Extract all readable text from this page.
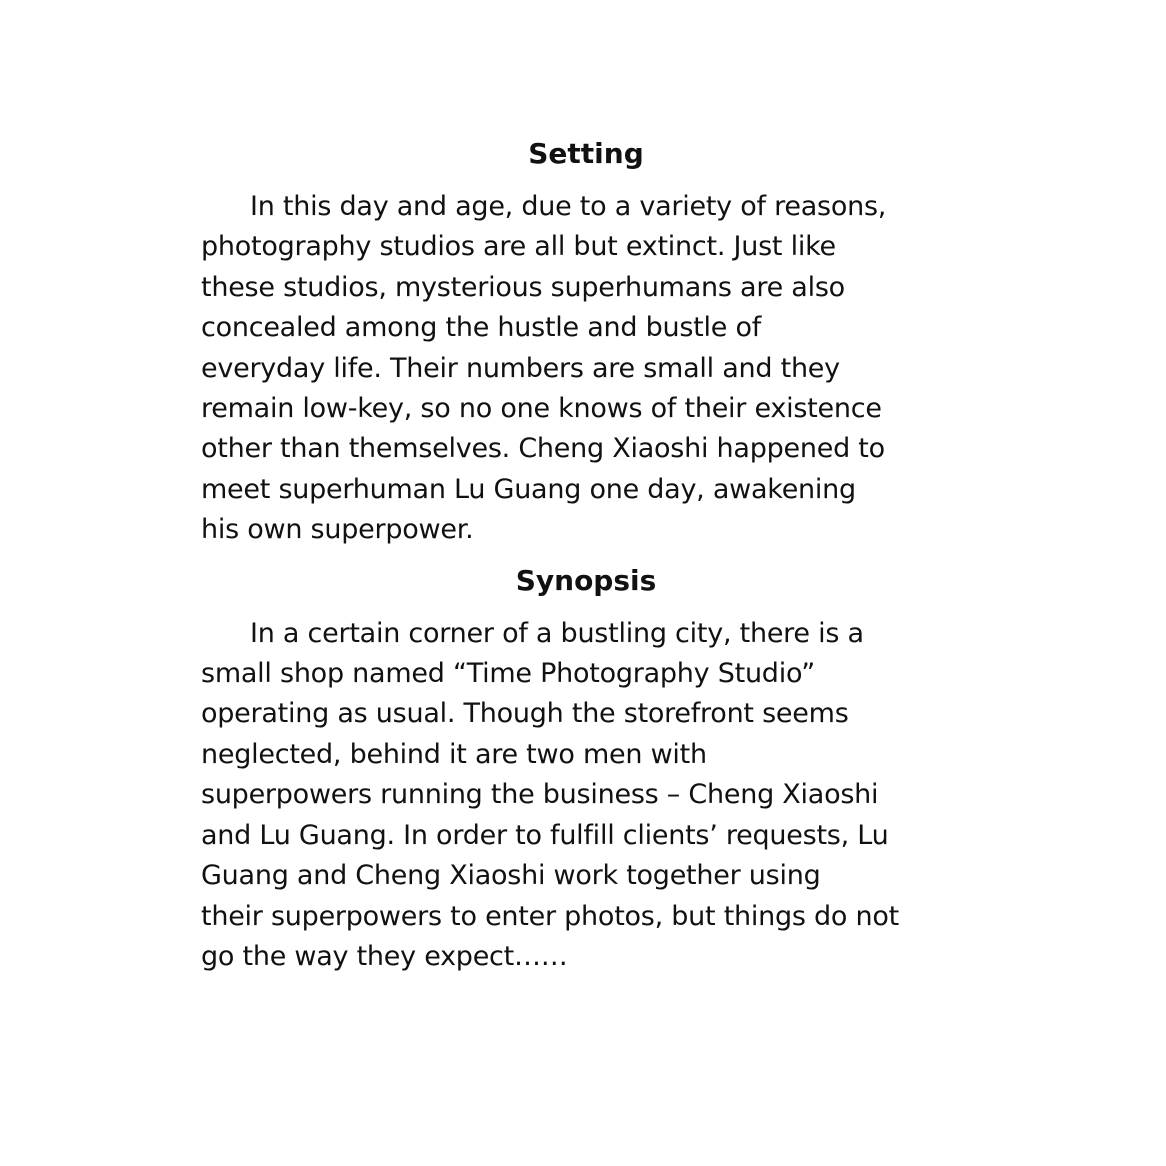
Setting
In this day and age, due to a variety of reasons,
photography studios are all but extinct. Just like
these studios, mysterious superhumans are also
concealed among the hustle and bustle of
everyday life. Their numbers are small and they
remain low-key, so no one knows of their existence
other than themselves. Cheng Xiaoshi happened to
meet superhuman Lu Guang one day, awakening
his own superpower.
Synopsis
In a certain corner of a bustling city, there is a
small shop named “Time Photography Studio”
operating as usual. Though the storefront seems
neglected, behind it are two men with
superpowers running the business – Cheng Xiaoshi
and Lu Guang. In order to fulfill clients’ requests, Lu
Guang and Cheng Xiaoshi work together using
their superpowers to enter photos, but things do not
go the way they expect……
